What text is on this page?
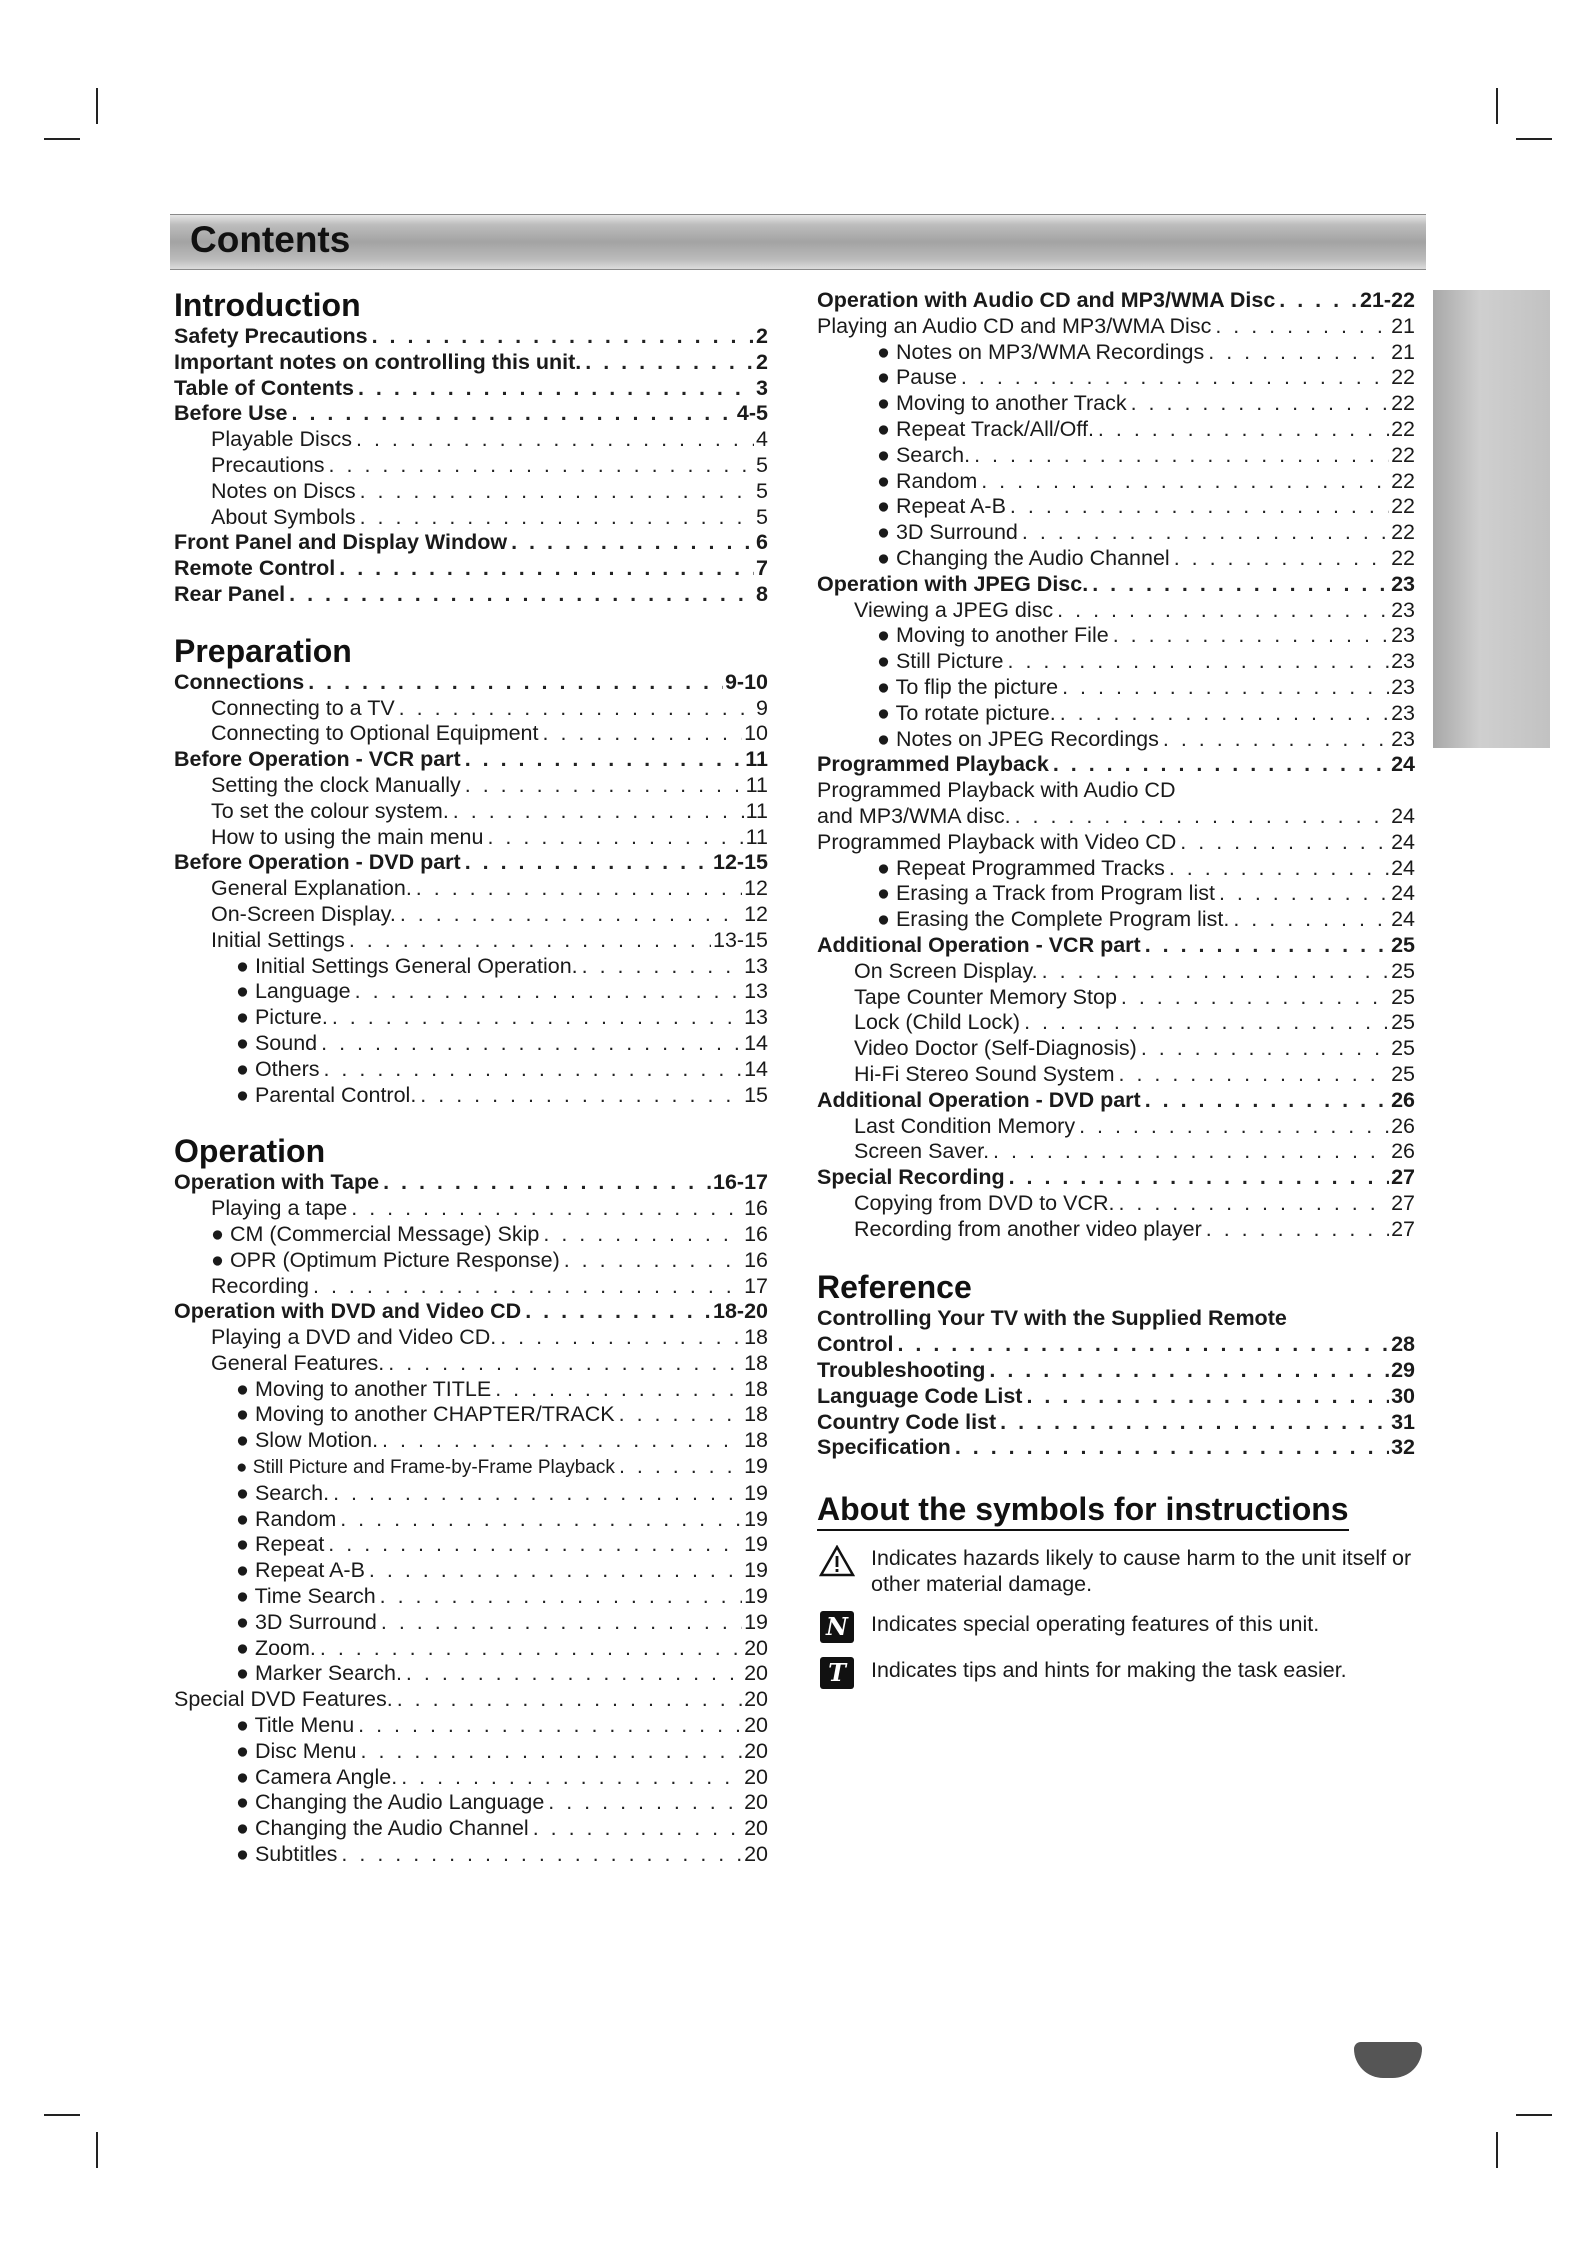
Contents
Introduction
Safety Precautions . . .	2
Important notes on controlling this unit. . . .	2
Table of Contents . . .	3
Before Use . . .	4-5
Playable Discs . . .	4
Precautions . . .	5
Notes on Discs . . .	5
About Symbols . . .	5
Front Panel and Display Window . . .	6
Remote Control . . .	7
Rear Panel . . .	8
Preparation
Connections . . .	9-10
Connecting to a TV . . .	9
Connecting to Optional Equipment . . .	10
Before Operation - VCR part . . .	11
Setting the clock Manually . . .	11
To set the colour system. . . .	11
How to using the main menu . . .	11
Before Operation - DVD part . . .	12-15
General Explanation. . . .	12
On-Screen Display. . . .	12
Initial Settings . . .	13-15
● Initial Settings General Operation. . . .	13
● Language . . .	13
● Picture. . . .	13
● Sound . . .	14
● Others . . .	14
● Parental Control. . . .	15
Operation
Operation with Tape . . .	16-17
Playing a tape . . .	16
● CM (Commercial Message) Skip . . .	16
● OPR (Optimum Picture Response) . . .	16
Recording . . .	17
Operation with DVD and Video CD . . .	18-20
Playing a DVD and Video CD. . . .	18
General Features. . . .	18
● Moving to another TITLE . . .	18
● Moving to another CHAPTER/TRACK . . .	18
● Slow Motion. . . .	18
● Still Picture and Frame-by-Frame Playback . . .	19
● Search. . . .	19
● Random . . .	19
● Repeat . . .	19
● Repeat A-B . . .	19
● Time Search . . .	19
● 3D Surround . . .	19
● Zoom. . . .	20
● Marker Search. . . .	20
Special DVD Features. . . .	20
● Title Menu . . .	20
● Disc Menu . . .	20
● Camera Angle. . . .	20
● Changing the Audio Language . . .	20
● Changing the Audio Channel . . .	20
● Subtitles . . .	20
Operation with Audio CD and MP3/WMA Disc . . .	21-22
Playing an Audio CD and MP3/WMA Disc . . .	21
● Notes on MP3/WMA Recordings . . .	21
● Pause . . .	22
● Moving to another Track . . .	22
● Repeat Track/All/Off. . . .	22
● Search. . . .	22
● Random . . .	22
● Repeat A-B . . .	22
● 3D Surround . . .	22
● Changing the Audio Channel . . .	22
Operation with JPEG Disc. . . .	23
Viewing a JPEG disc . . .	23
● Moving to another File . . .	23
● Still Picture . . .	23
● To flip the picture . . .	23
● To rotate picture. . . .	23
● Notes on JPEG Recordings . . .	23
Programmed Playback . . .	24
Programmed Playback with Audio CD
and MP3/WMA disc. . . .	24
Programmed Playback with Video CD . . .	24
● Repeat Programmed Tracks . . .	24
● Erasing a Track from Program list . . .	24
● Erasing the Complete Program list. . . .	24
Additional Operation - VCR part . . .	25
On Screen Display. . . .	25
Tape Counter Memory Stop . . .	25
Lock (Child Lock) . . .	25
Video Doctor (Self-Diagnosis) . . .	25
Hi-Fi Stereo Sound System . . .	25
Additional Operation - DVD part . . .	26
Last Condition Memory . . .	26
Screen Saver. . . .	26
Special Recording . . .	27
Copying from DVD to VCR. . . .	27
Recording from another video player . . .	27
Reference
Controlling Your TV with the Supplied Remote
Control . . .	28
Troubleshooting . . .	29
Language Code List . . .	30
Country Code list . . .	31
Specification . . .	32
About the symbols for instructions
Indicates hazards likely to cause harm to the unit itself or other material damage.
N Indicates special operating features of this unit.
T	Indicates tips and hints for making the task easier.
